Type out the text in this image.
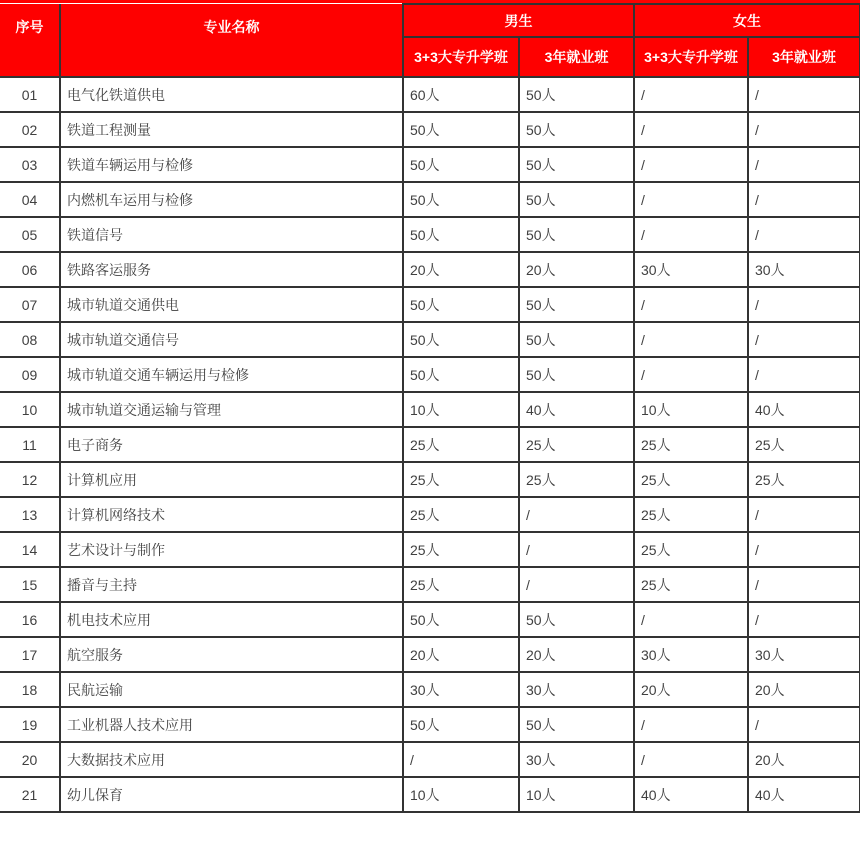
序号	专业名称	男生		女生	
		3+3大专升学班	3年就业班	3+3大专升学班	3年就业班
01	电气化铁道供电	60人	50人	/	/
02	铁道工程测量	50人	50人	/	/
03	铁道车辆运用与检修	50人	50人	/	/
04	内燃机车运用与检修	50人	50人	/	/
05	铁道信号	50人	50人	/	/
06	铁路客运服务	20人	20人	30人	30人
07	城市轨道交通供电	50人	50人	/	/
08	城市轨道交通信号	50人	50人	/	/
09	城市轨道交通车辆运用与检修	50人	50人	/	/
10	城市轨道交通运输与管理	10人	40人	10人	40人
11	电子商务	25人	25人	25人	25人
12	计算机应用	25人	25人	25人	25人
13	计算机网络技术	25人	/	25人	/
14	艺术设计与制作	25人	/	25人	/
15	播音与主持	25人	/	25人	/
16	机电技术应用	50人	50人	/	/
17	航空服务	20人	20人	30人	30人
18	民航运输	30人	30人	20人	20人
19	工业机器人技术应用	50人	50人	/	/
20	大数据技术应用	/	30人	/	20人
21	幼儿保育	10人	10人	40人	40人
